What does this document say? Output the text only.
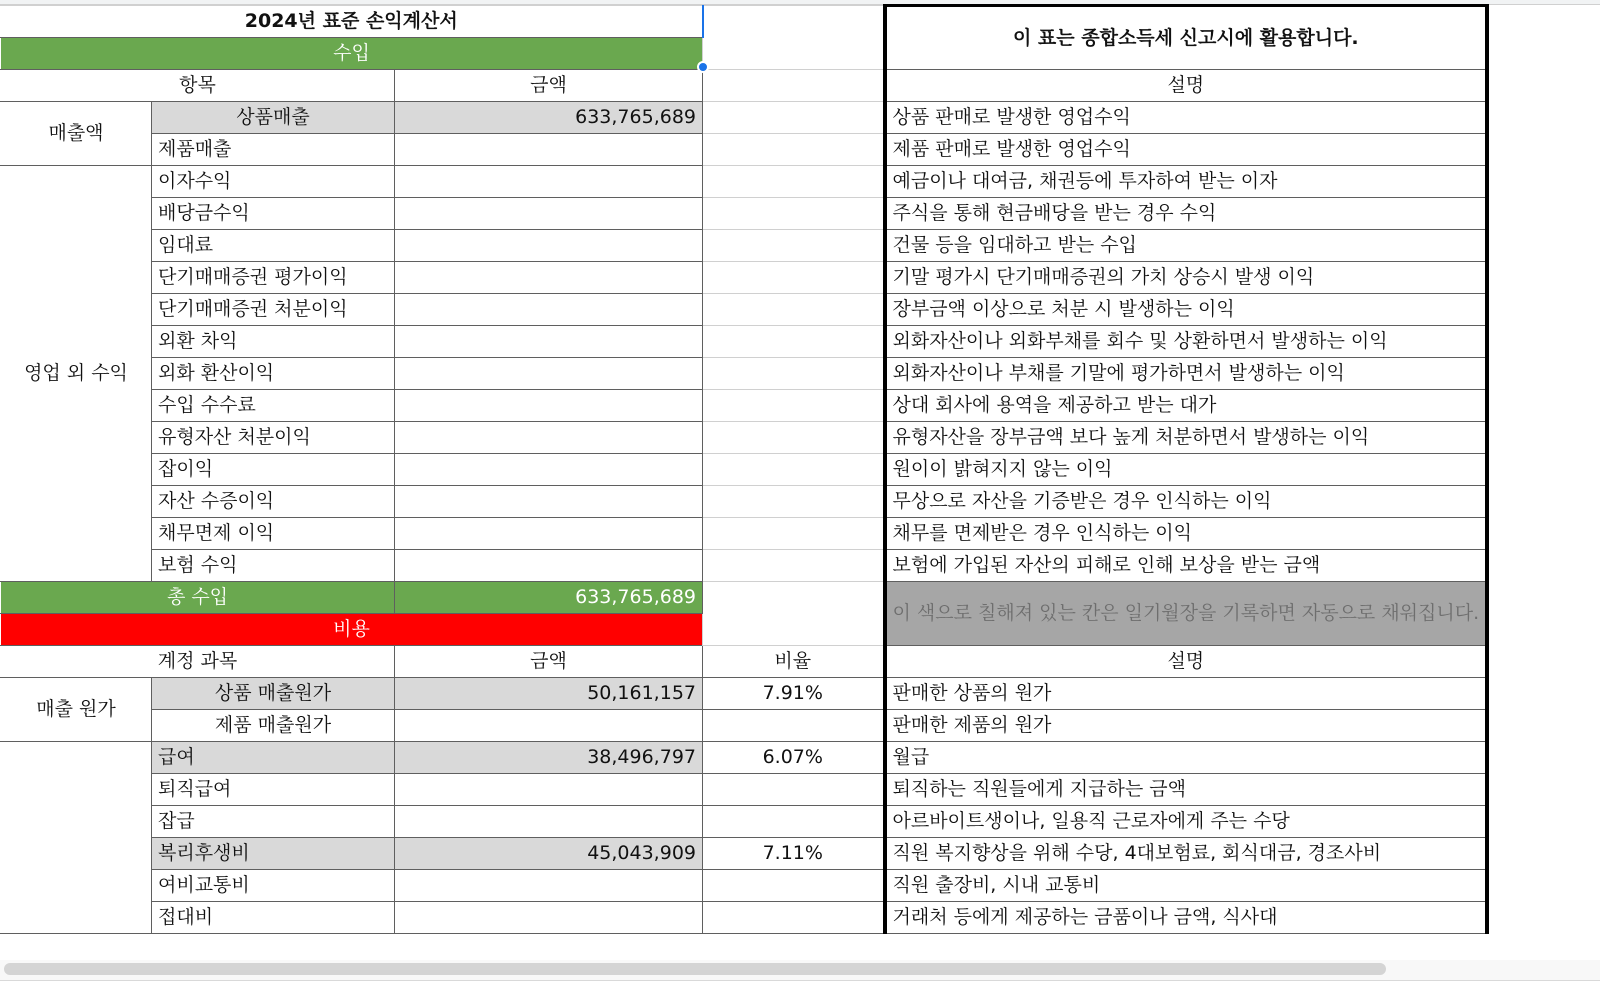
2024년 표준 손익계산서				이 표는 종합소득세 신고시에 활용합니다.
수입				
항목		금액		설명
매출액	상품매출	633,765,689		상품 판매로 발생한 영업수익
	제품매출			제품 판매로 발생한 영업수익
영업 외 수익	이자수익			예금이나 대여금, 채권등에 투자하여 받는 이자
	배당금수익			주식을 통해 현금배당을 받는 경우 수익
	임대료			건물 등을 임대하고 받는 수입
	단기매매증권 평가이익			기말 평가시 단기매매증권의 가치 상승시 발생 이익
	단기매매증권 처분이익			장부금액 이상으로 처분 시 발생하는 이익
	외환 차익			외화자산이나 외화부채를 회수 및 상환하면서 발생하는 이익
	외화 환산이익			외화자산이나 부채를 기말에 평가하면서 발생하는 이익
	수입 수수료			상대 회사에 용역을 제공하고 받는 대가
	유형자산 처분이익			유형자산을 장부금액 보다 높게 처분하면서 발생하는 이익
	잡이익			원이이 밝혀지지 않는 이익
	자산 수증이익			무상으로 자산을 기증받은 경우 인식하는 이익
	채무면제 이익			채무를 면제받은 경우 인식하는 이익
	보험 수익			보험에 가입된 자산의 피해로 인해 보상을 받는 금액
총 수입		633,765,689		이 색으로 칠해져 있는 칸은 일기월장을 기록하면 자동으로 채워집니다.
비용				
계정 과목		금액	비율	설명
매출 원가	상품 매출원가	50,161,157	7.91%	판매한 상품의 원가
	제품 매출원가			판매한 제품의 원가
	급여	38,496,797	6.07%	월급
	퇴직급여			퇴직하는 직원들에게 지급하는 금액
	잡급			아르바이트생이나, 일용직 근로자에게 주는 수당
	복리후생비	45,043,909	7.11%	직원 복지향상을 위해 수당, 4대보험료, 회식대금, 경조사비
	여비교통비			직원 출장비, 시내 교통비
	접대비			거래처 등에게 제공하는 금품이나 금액, 식사대
